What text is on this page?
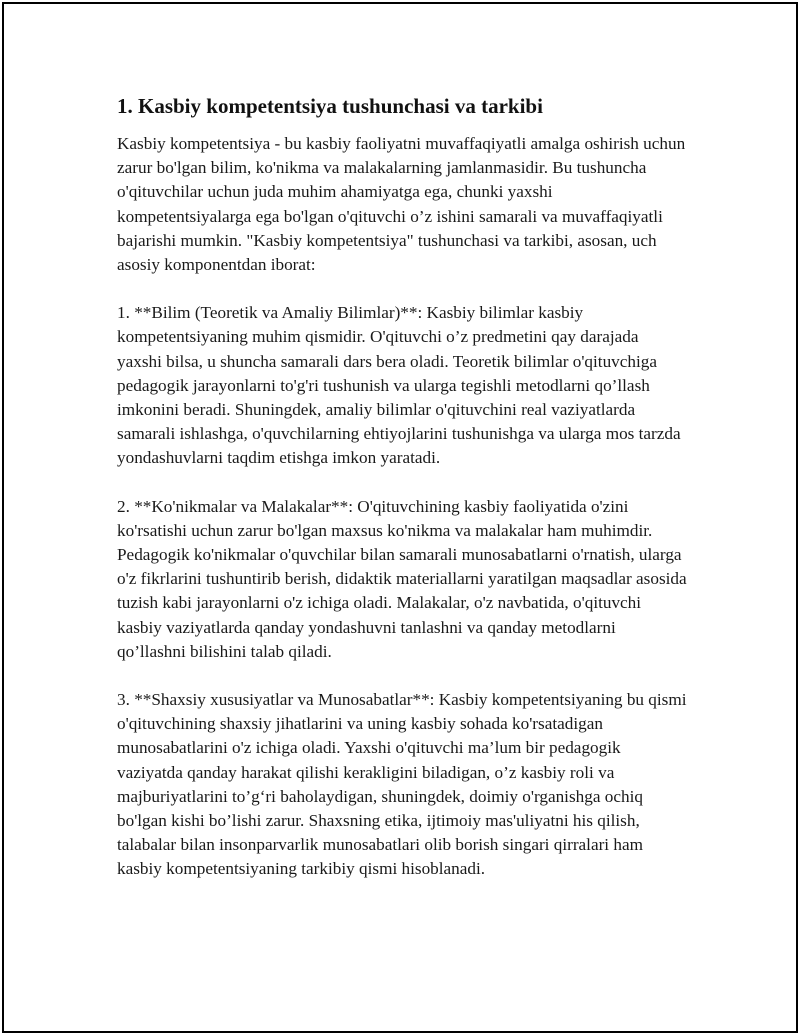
1. Kasbiy kompetentsiya tushunchasi va tarkibi

Kasbiy kompetentsiya - bu kasbiy faoliyatni muvaffaqiyatli amalga oshirish uchun zarur bo'lgan bilim, ko'nikma va malakalarning jamlanmasidir. Bu tushuncha o'qituvchilar uchun juda muhim ahamiyatga ega, chunki yaxshi kompetentsiyalarga ega bo'lgan o'qituvchi o’z ishini samarali va muvaffaqiyatli bajarishi mumkin. "Kasbiy kompetentsiya" tushunchasi va tarkibi, asosan, uch asosiy komponentdan iborat:

1. **Bilim (Teoretik va Amaliy Bilimlar)**: Kasbiy bilimlar kasbiy kompetentsiyaning muhim qismidir. O'qituvchi o’z predmetini qay darajada yaxshi bilsa, u shuncha samarali dars bera oladi. Teoretik bilimlar o'qituvchiga pedagogik jarayonlarni to'g'ri tushunish va ularga tegishli metodlarni qo’llash imkonini beradi. Shuningdek, amaliy bilimlar o'qituvchini real vaziyatlarda samarali ishlashga, o'quvchilarning ehtiyojlarini tushunishga va ularga mos tarzda yondashuvlarni taqdim etishga imkon yaratadi.

2. **Ko'nikmalar va Malakalar**: O'qituvchining kasbiy faoliyatida o'zini ko'rsatishi uchun zarur bo'lgan maxsus ko'nikma va malakalar ham muhimdir. Pedagogik ko'nikmalar o'quvchilar bilan samarali munosabatlarni o'rnatish, ularga o'z fikrlarini tushuntirib berish, didaktik materiallarni yaratilgan maqsadlar asosida tuzish kabi jarayonlarni o'z ichiga oladi. Malakalar, o'z navbatida, o'qituvchi kasbiy vaziyatlarda qanday yondashuvni tanlashni va qanday metodlarni qo’llashni bilishini talab qiladi.

3. **Shaxsiy xususiyatlar va Munosabatlar**: Kasbiy kompetentsiyaning bu qismi o'qituvchining shaxsiy jihatlarini va uning kasbiy sohada ko'rsatadigan munosabatlarini o'z ichiga oladi. Yaxshi o'qituvchi ma’lum bir pedagogik vaziyatda qanday harakat qilishi kerakligini biladigan, o’z kasbiy roli va majburiyatlarini to’g‘ri baholaydigan, shuningdek, doimiy o'rganishga ochiq bo'lgan kishi bo’lishi zarur. Shaxsning etika, ijtimoiy mas'uliyatni his qilish, talabalar bilan insonparvarlik munosabatlari olib borish singari qirralari ham kasbiy kompetentsiyaning tarkibiy qismi hisoblanadi.
